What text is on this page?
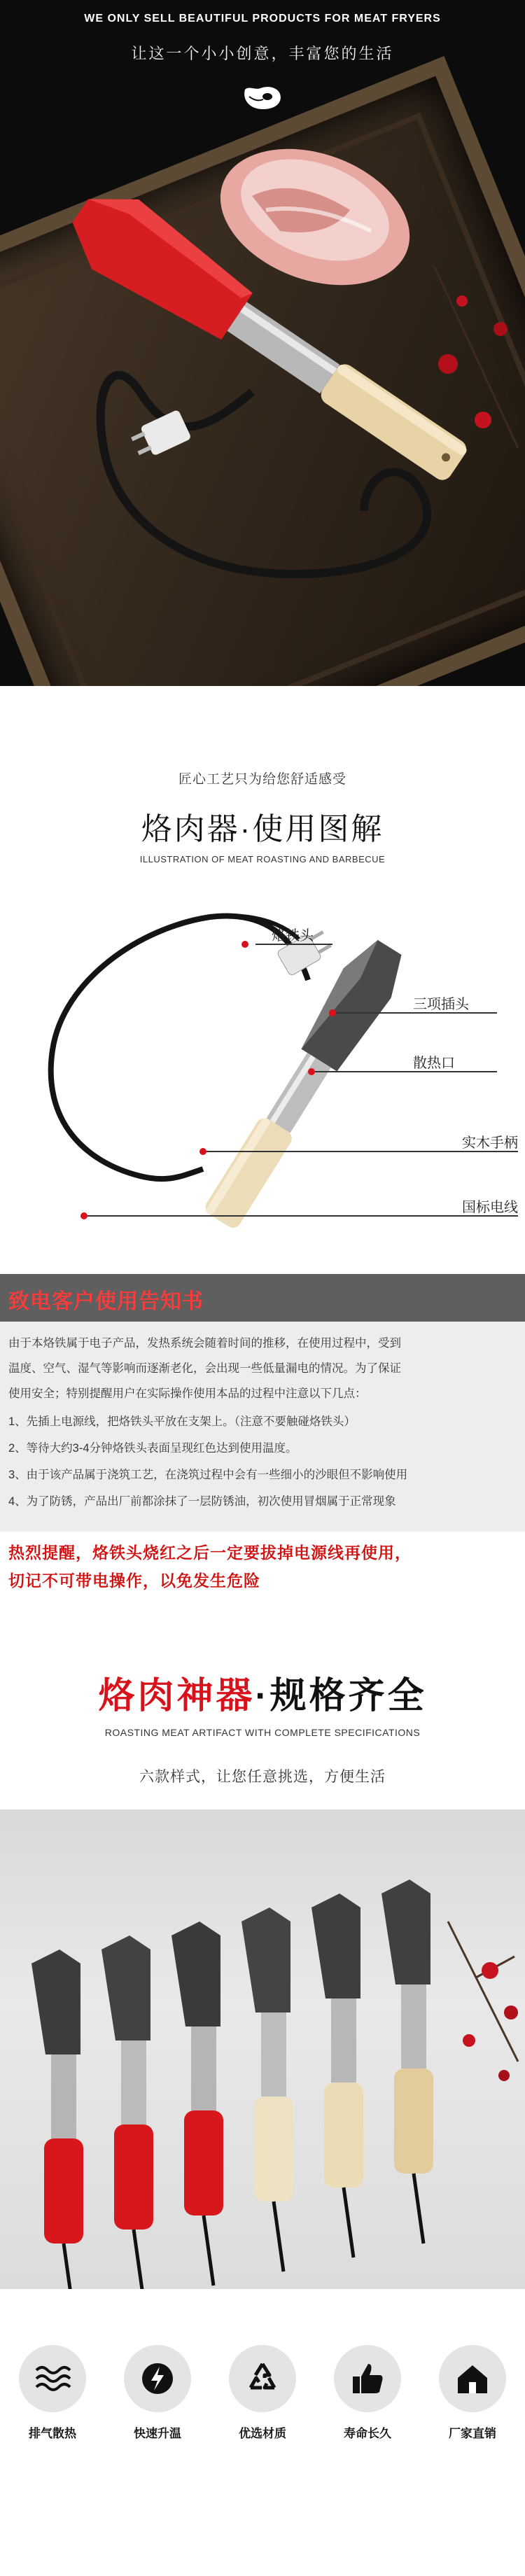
WE ONLY SELL BEAUTIFUL PRODUCTS FOR MEAT FRYERS
让这一个小小创意，丰富您的生活
匠心工艺只为给您舒适感受
烙肉器·使用图解
ILLUSTRATION OF MEAT ROASTING AND BARBECUE
烙铁头
三项插头
散热口
实木手柄
国标电线
致电客户使用告知书
由于本烙铁属于电子产品，发热系统会随着时间的推移，在使用过程中，受到
温度、空气、湿气等影响而逐渐老化，会出现一些低量漏电的情况。为了保证
使用安全；特别提醒用户在实际操作使用本品的过程中注意以下几点：
1、先插上电源线，把烙铁头平放在支架上。（注意不要触碰烙铁头）
2、等待大约3-4分钟烙铁头表面呈现红色达到使用温度。
3、由于该产品属于浇筑工艺，在浇筑过程中会有一些细小的沙眼但不影响使用
4、为了防锈，产品出厂前都涂抹了一层防锈油，初次使用冒烟属于正常现象
热烈提醒，烙铁头烧红之后一定要拔掉电源线再使用，
切记不可带电操作，以免发生危险
烙肉神器·规格齐全
ROASTING MEAT ARTIFACT WITH COMPLETE SPECIFICATIONS
六款样式，让您任意挑选，方便生活
排气散热	快速升温	优选材质	寿命长久	厂家直销
